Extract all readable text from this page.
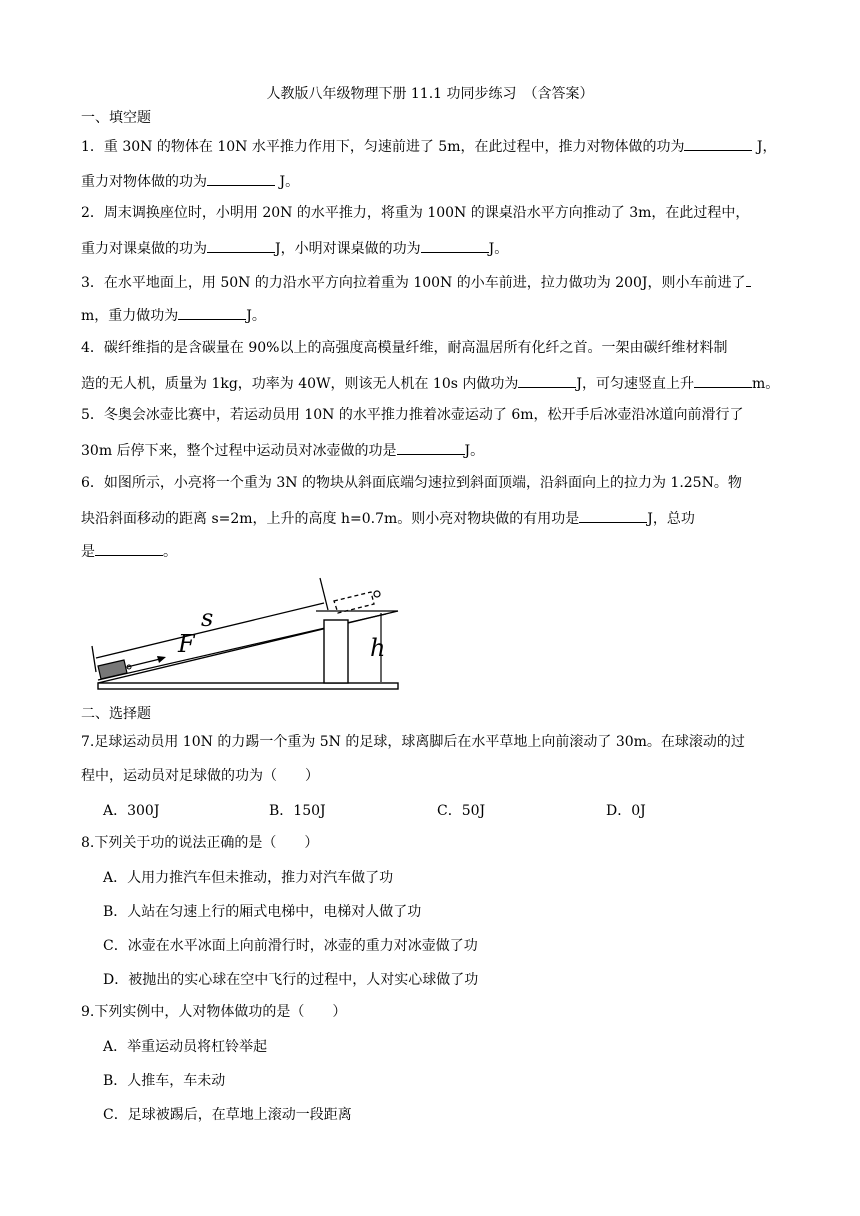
人教版八年级物理下册 11.1 功同步练习　（含答案）
一、填空题
1．重 30N 的物体在 10N 水平推力作用下，匀速前进了 5m，在此过程中，推力对物体做的功为	J，
重力对物体做的功为	J。
2．周末调换座位时，小明用 20N 的水平推力，将重为 100N 的课桌沿水平方向推动了 3m，在此过程中，
重力对课桌做的功为	J，小明对课桌做的功为	J。
3．在水平地面上，用 50N 的力沿水平方向拉着重为 100N 的小车前进，拉力做功为 200J，则小车前进了
m，重力做功为	J。
4．碳纤维指的是含碳量在 90%以上的高强度高模量纤维，耐高温居所有化纤之首。一架由碳纤维材料制
造的无人机，质量为 1kg，功率为 40W，则该无人机在 10s 内做功为	J，可匀速竖直上升	m。
5．冬奥会冰壶比赛中，若运动员用 10N 的水平推力推着冰壶运动了 6m，松开手后冰壶沿冰道向前滑行了
30m 后停下来，整个过程中运动员对冰壶做的功是	J。
6．如图所示，小亮将一个重为 3N 的物块从斜面底端匀速拉到斜面顶端，沿斜面向上的拉力为 1.25N。物
块沿斜面移动的距离 s=2m，上升的高度 h=0.7m。则小亮对物块做的有用功是	J，总功
是	。
h
s
F
二、选择题
7.足球运动员用 10N 的力踢一个重为 5N 的足球，球离脚后在水平草地上向前滚动了 30m。在球滚动的过
程中，运动员对足球做的功为（　　）
A．300J	B．150J	C．50J	D．0J
8.下列关于功的说法正确的是（　　）
A．人用力推汽车但未推动，推力对汽车做了功
B．人站在匀速上行的厢式电梯中，电梯对人做了功
C．冰壶在水平冰面上向前滑行时，冰壶的重力对冰壶做了功
D．被抛出的实心球在空中飞行的过程中，人对实心球做了功
9.下列实例中，人对物体做功的是（　　）
A．举重运动员将杠铃举起
B．人推车，车未动
C．足球被踢后，在草地上滚动一段距离
